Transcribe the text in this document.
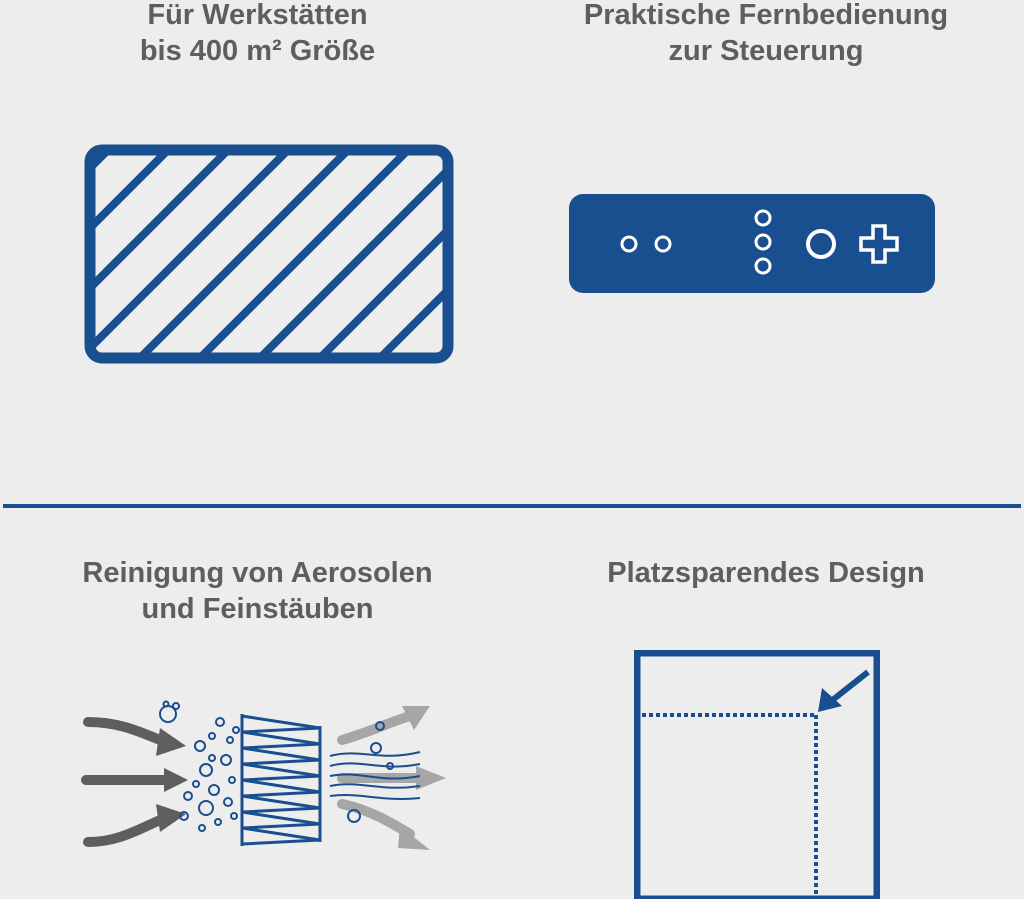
Für Werkstätten
bis 400 m² Größe
Praktische Fernbedienung
zur Steuerung
Reinigung von Aerosolen
und Feinstäuben
Platzsparendes Design
